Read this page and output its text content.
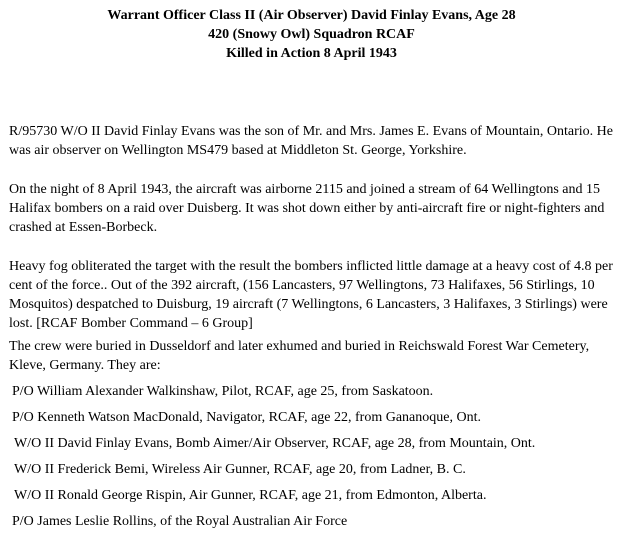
Warrant Officer Class II (Air Observer) David Finlay Evans, Age 28
420 (Snowy Owl) Squadron RCAF
Killed in Action 8 April 1943

R/95730 W/O II David Finlay Evans was the son of Mr. and Mrs. James E. Evans of Mountain, Ontario. He was air observer on Wellington MS479 based at Middleton St. George, Yorkshire.

On the night of 8 April 1943, the aircraft was airborne 2115 and joined a stream of 64 Wellingtons and 15 Halifax bombers on a raid over Duisberg. It was shot down either by anti-aircraft fire or night-fighters and crashed at Essen-Borbeck.

Heavy fog obliterated the target with the result the bombers inflicted little damage at a heavy cost of 4.8 per cent of the force.. Out of the 392 aircraft, (156 Lancasters, 97 Wellingtons, 73 Halifaxes, 56 Stirlings, 10 Mosquitos) despatched to Duisburg, 19 aircraft (7 Wellingtons, 6 Lancasters, 3 Halifaxes, 3 Stirlings) were lost. [RCAF Bomber Command – 6 Group]

The crew were buried in Dusseldorf and later exhumed and buried in Reichswald Forest War Cemetery, Kleve, Germany. They are:

P/O William Alexander Walkinshaw, Pilot, RCAF, age 25, from Saskatoon.
P/O Kenneth Watson MacDonald, Navigator, RCAF, age 22, from Gananoque, Ont.
W/O II David Finlay Evans, Bomb Aimer/Air Observer, RCAF, age 28, from Mountain, Ont.
W/O II Frederick Bemi, Wireless Air Gunner, RCAF, age 20, from Ladner, B. C.
W/O II Ronald George Rispin, Air Gunner, RCAF, age 21, from Edmonton, Alberta.
P/O James Leslie Rollins, of the Royal Australian Air Force
